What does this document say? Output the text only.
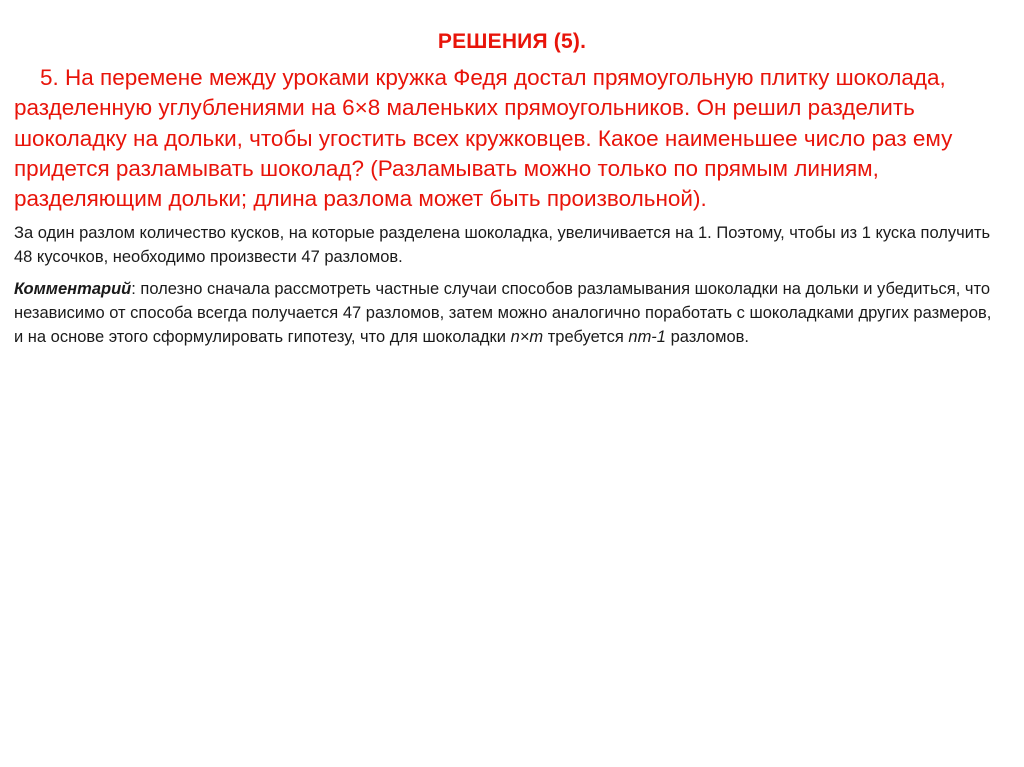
РЕШЕНИЯ (5).

5. На перемене между уроками кружка Федя достал прямоугольную плитку шоколада, разделенную углублениями на 6×8 маленьких прямоугольников. Он решил разделить шоколадку на дольки, чтобы угостить всех кружковцев. Какое наименьшее число раз ему придется разламывать шоколад? (Разламывать можно только по прямым линиям, разделяющим дольки; длина разлома может быть произвольной).

За один разлом количество кусков, на которые разделена шоколадка, увеличивается на 1. Поэтому, чтобы из 1 куска получить 48 кусочков, необходимо произвести 47 разломов.

Комментарий: полезно сначала рассмотреть частные случаи способов разламывания шоколадки на дольки и убедиться, что независимо от способа всегда получается 47 разломов, затем можно аналогично поработать с шоколадками других размеров, и на основе этого сформулировать гипотезу, что для шоколадки n×m требуется nm-1 разломов.
